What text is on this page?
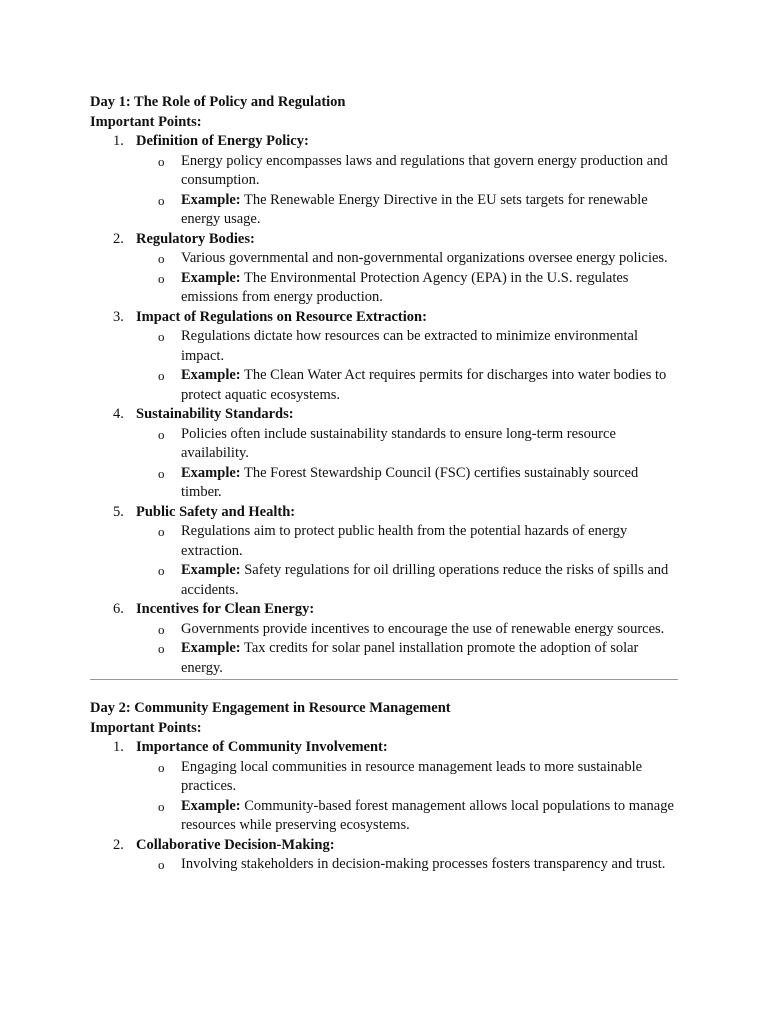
Day 1: The Role of Policy and Regulation
Important Points:
1. Definition of Energy Policy:
o Energy policy encompasses laws and regulations that govern energy production and consumption.
o Example: The Renewable Energy Directive in the EU sets targets for renewable energy usage.
2. Regulatory Bodies:
o Various governmental and non-governmental organizations oversee energy policies.
o Example: The Environmental Protection Agency (EPA) in the U.S. regulates emissions from energy production.
3. Impact of Regulations on Resource Extraction:
o Regulations dictate how resources can be extracted to minimize environmental impact.
o Example: The Clean Water Act requires permits for discharges into water bodies to protect aquatic ecosystems.
4. Sustainability Standards:
o Policies often include sustainability standards to ensure long-term resource availability.
o Example: The Forest Stewardship Council (FSC) certifies sustainably sourced timber.
5. Public Safety and Health:
o Regulations aim to protect public health from the potential hazards of energy extraction.
o Example: Safety regulations for oil drilling operations reduce the risks of spills and accidents.
6. Incentives for Clean Energy:
o Governments provide incentives to encourage the use of renewable energy sources.
o Example: Tax credits for solar panel installation promote the adoption of solar energy.
Day 2: Community Engagement in Resource Management
Important Points:
1. Importance of Community Involvement:
o Engaging local communities in resource management leads to more sustainable practices.
o Example: Community-based forest management allows local populations to manage resources while preserving ecosystems.
2. Collaborative Decision-Making:
o Involving stakeholders in decision-making processes fosters transparency and trust.
